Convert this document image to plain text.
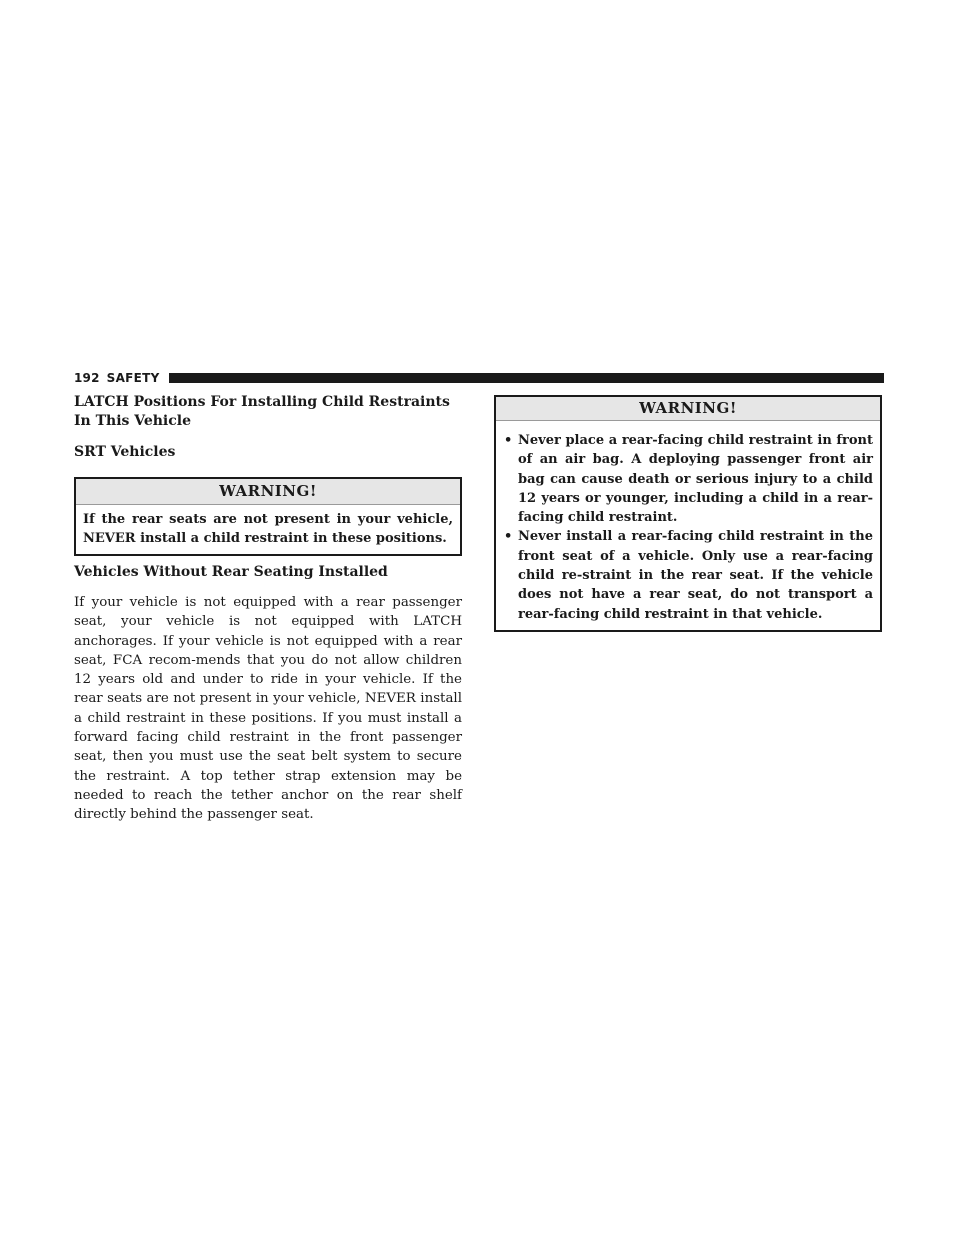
192 SAFETY
LATCH Positions For Installing Child Restraints In This Vehicle
SRT Vehicles
WARNING!
If the rear seats are not present in your vehicle, NEVER install a child restraint in these positions.
Vehicles Without Rear Seating Installed

If your vehicle is not equipped with a rear passenger seat, your vehicle is not equipped with LATCH anchorages. If your vehicle is not equipped with a rear seat, FCA recom-mends that you do not allow children 12 years old and under to ride in your vehicle. If the rear seats are not present in your vehicle, NEVER install a child restraint in these positions. If you must install a forward facing child restraint in the front passenger seat, then you must use the seat belt system to secure the restraint. A top tether strap extension may be needed to reach the tether anchor on the rear shelf directly behind the passenger seat.

WARNING!
• Never place a rear-facing child restraint in front of an air bag. A deploying passenger front air bag can cause death or serious injury to a child 12 years or younger, including a child in a rear-facing child restraint.
• Never install a rear-facing child restraint in the front seat of a vehicle. Only use a rear-facing child re-straint in the rear seat. If the vehicle does not have a rear seat, do not transport a rear-facing child restraint in that vehicle.
